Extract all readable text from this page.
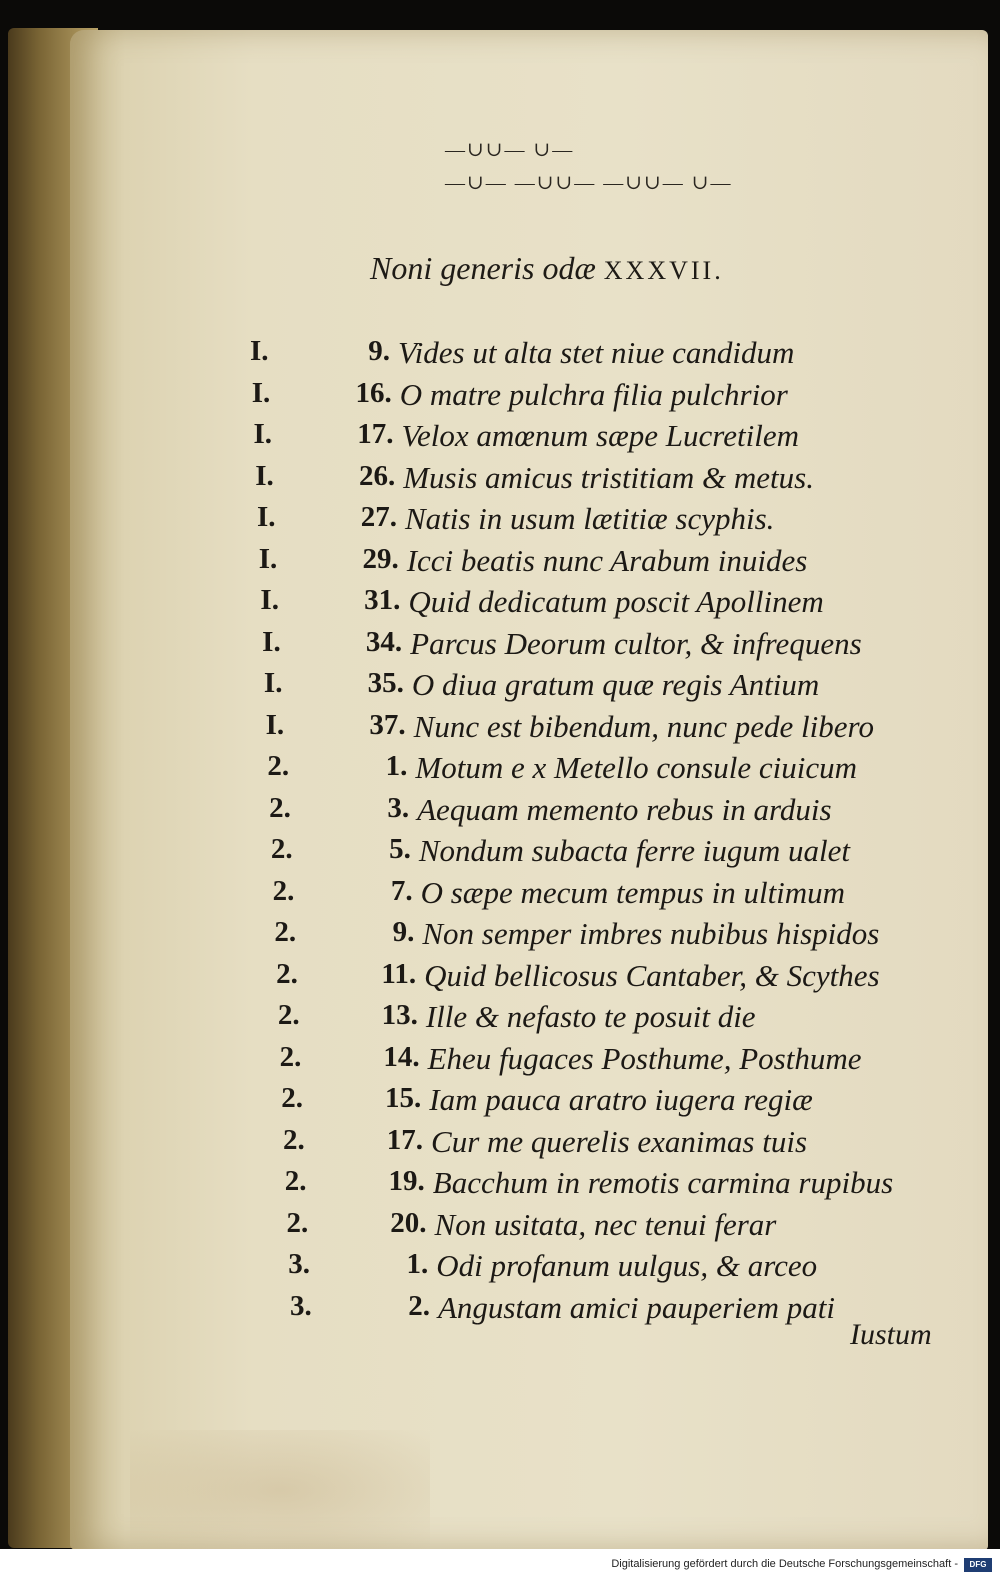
—∪∪— ∪—
—∪— —∪∪— —∪∪— ∪—
Noni generis odæ XXXVII.
I.	9. Vides ut alta stet niue candidum
I.	16. O matre pulchra filia pulchrior
I.	17. Velox amœnum sæpe Lucretilem
I.	26. Musis amicus tristitiam & metus.
I.	27. Natis in usum lætitiæ scyphis.
I.	29. Icci beatis nunc Arabum inuides
I.	31. Quid dedicatum poscit Apollinem
I.	34. Parcus Deorum cultor, & infrequens
I.	35. O diua gratum quæ regis Antium
I.	37. Nunc est bibendum, nunc pede libero
2.	1. Motum e x Metello consule ciuicum
2.	3. Aequam memento rebus in arduis
2.	5. Nondum subacta ferre iugum ualet
2.	7. O sæpe mecum tempus in ultimum
2.	9. Non semper imbres nubibus hispidos
2.	11. Quid bellicosus Cantaber, & Scythes
2.	13. Ille & nefasto te posuit die
2.	14. Eheu fugaces Posthume, Posthume
2.	15. Iam pauca aratro iugera regiæ
2.	17. Cur me querelis exanimas tuis
2.	19. Bacchum in remotis carmina rupibus
2.	20. Non usitata, nec tenui ferar
3.	1. Odi profanum uulgus, & arceo
3.	2. Angustam amici pauperiem pati
Iustum
Digitalisierung gefördert durch die Deutsche Forschungsgemeinschaft -	DFG
